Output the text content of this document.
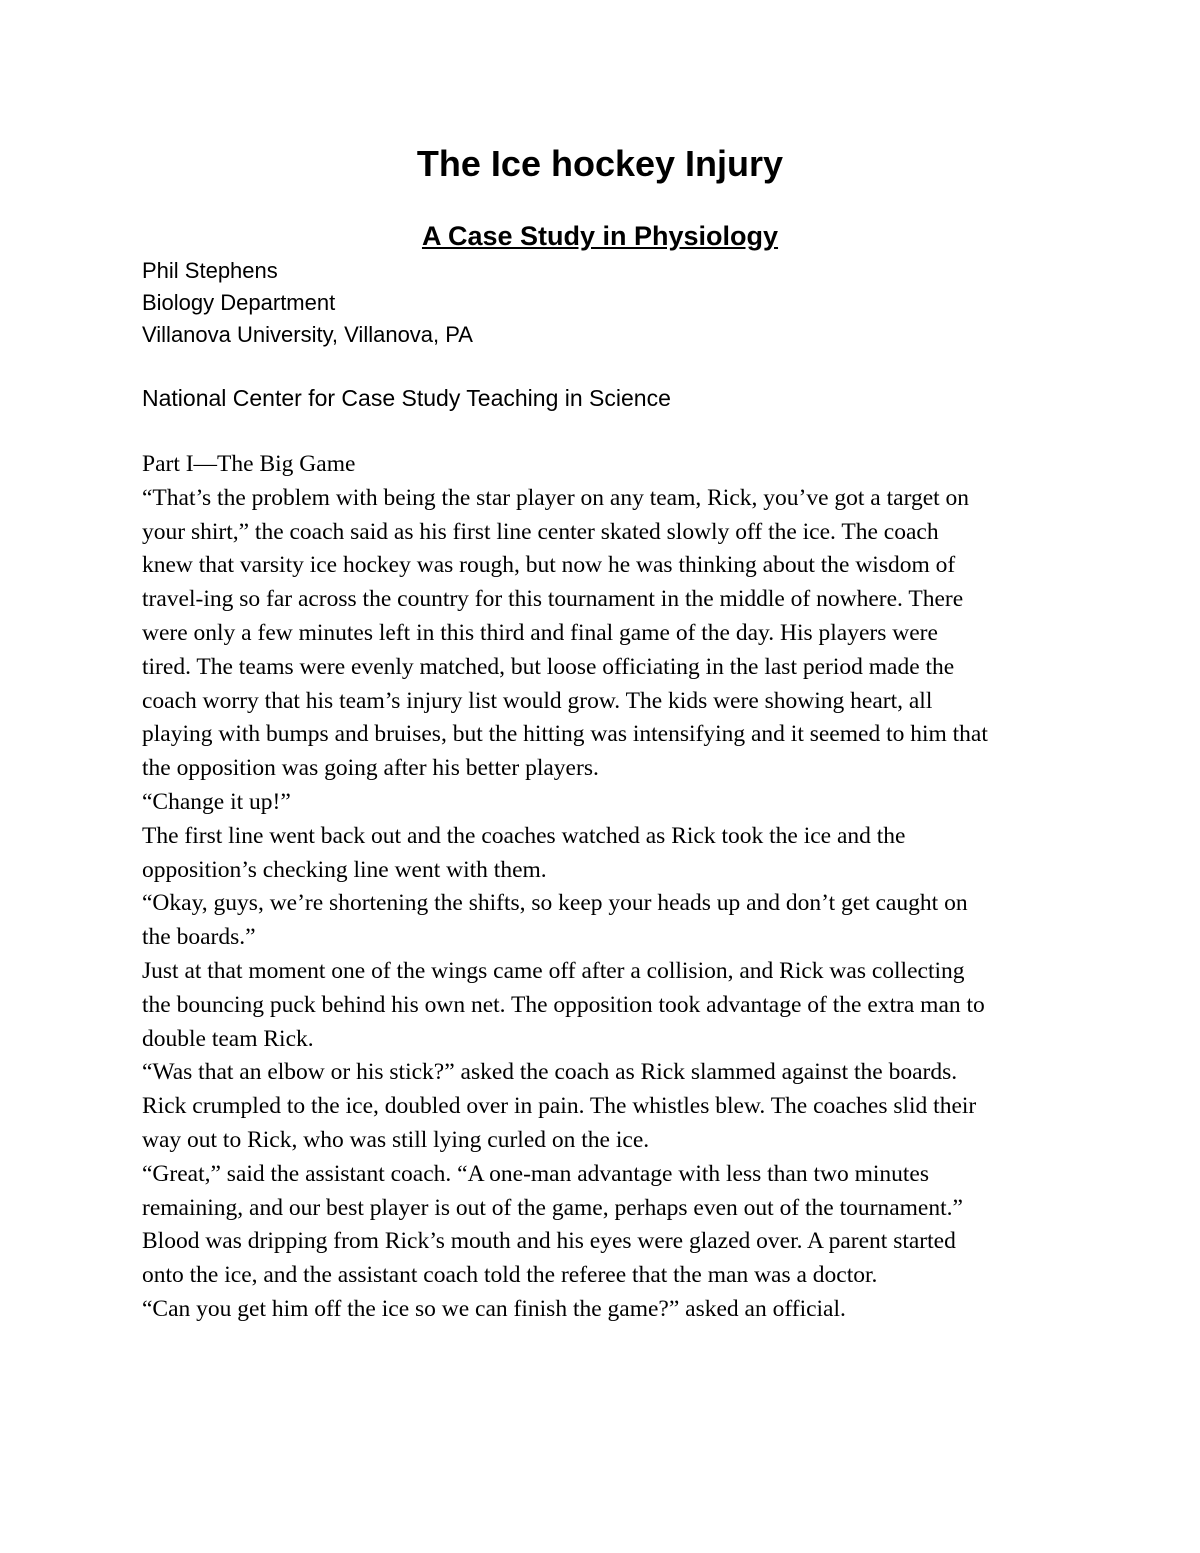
The Ice hockey Injury
A Case Study in Physiology
Phil Stephens
Biology Department
Villanova University, Villanova, PA
National Center for Case Study Teaching in Science
Part I—The Big Game
“That’s the problem with being the star player on any team, Rick, you’ve got a target on
your shirt,” the coach said as his first line center skated slowly off the ice. The coach
knew that varsity ice hockey was rough, but now he was thinking about the wisdom of
travel-ing so far across the country for this tournament in the middle of nowhere. There
were only a few minutes left in this third and final game of the day. His players were
tired. The teams were evenly matched, but loose officiating in the last period made the
coach worry that his team’s injury list would grow. The kids were showing heart, all
playing with bumps and bruises, but the hitting was intensifying and it seemed to him that
the opposition was going after his better players.
“Change it up!”
The first line went back out and the coaches watched as Rick took the ice and the
opposition’s checking line went with them.
“Okay, guys, we’re shortening the shifts, so keep your heads up and don’t get caught on
the boards.”
Just at that moment one of the wings came off after a collision, and Rick was collecting
the bouncing puck behind his own net. The opposition took advantage of the extra man to
double team Rick.
“Was that an elbow or his stick?” asked the coach as Rick slammed against the boards.
Rick crumpled to the ice, doubled over in pain. The whistles blew. The coaches slid their
way out to Rick, who was still lying curled on the ice.
“Great,” said the assistant coach. “A one-man advantage with less than two minutes
remaining, and our best player is out of the game, perhaps even out of the tournament.”
Blood was dripping from Rick’s mouth and his eyes were glazed over. A parent started
onto the ice, and the assistant coach told the referee that the man was a doctor.
“Can you get him off the ice so we can finish the game?” asked an official.
